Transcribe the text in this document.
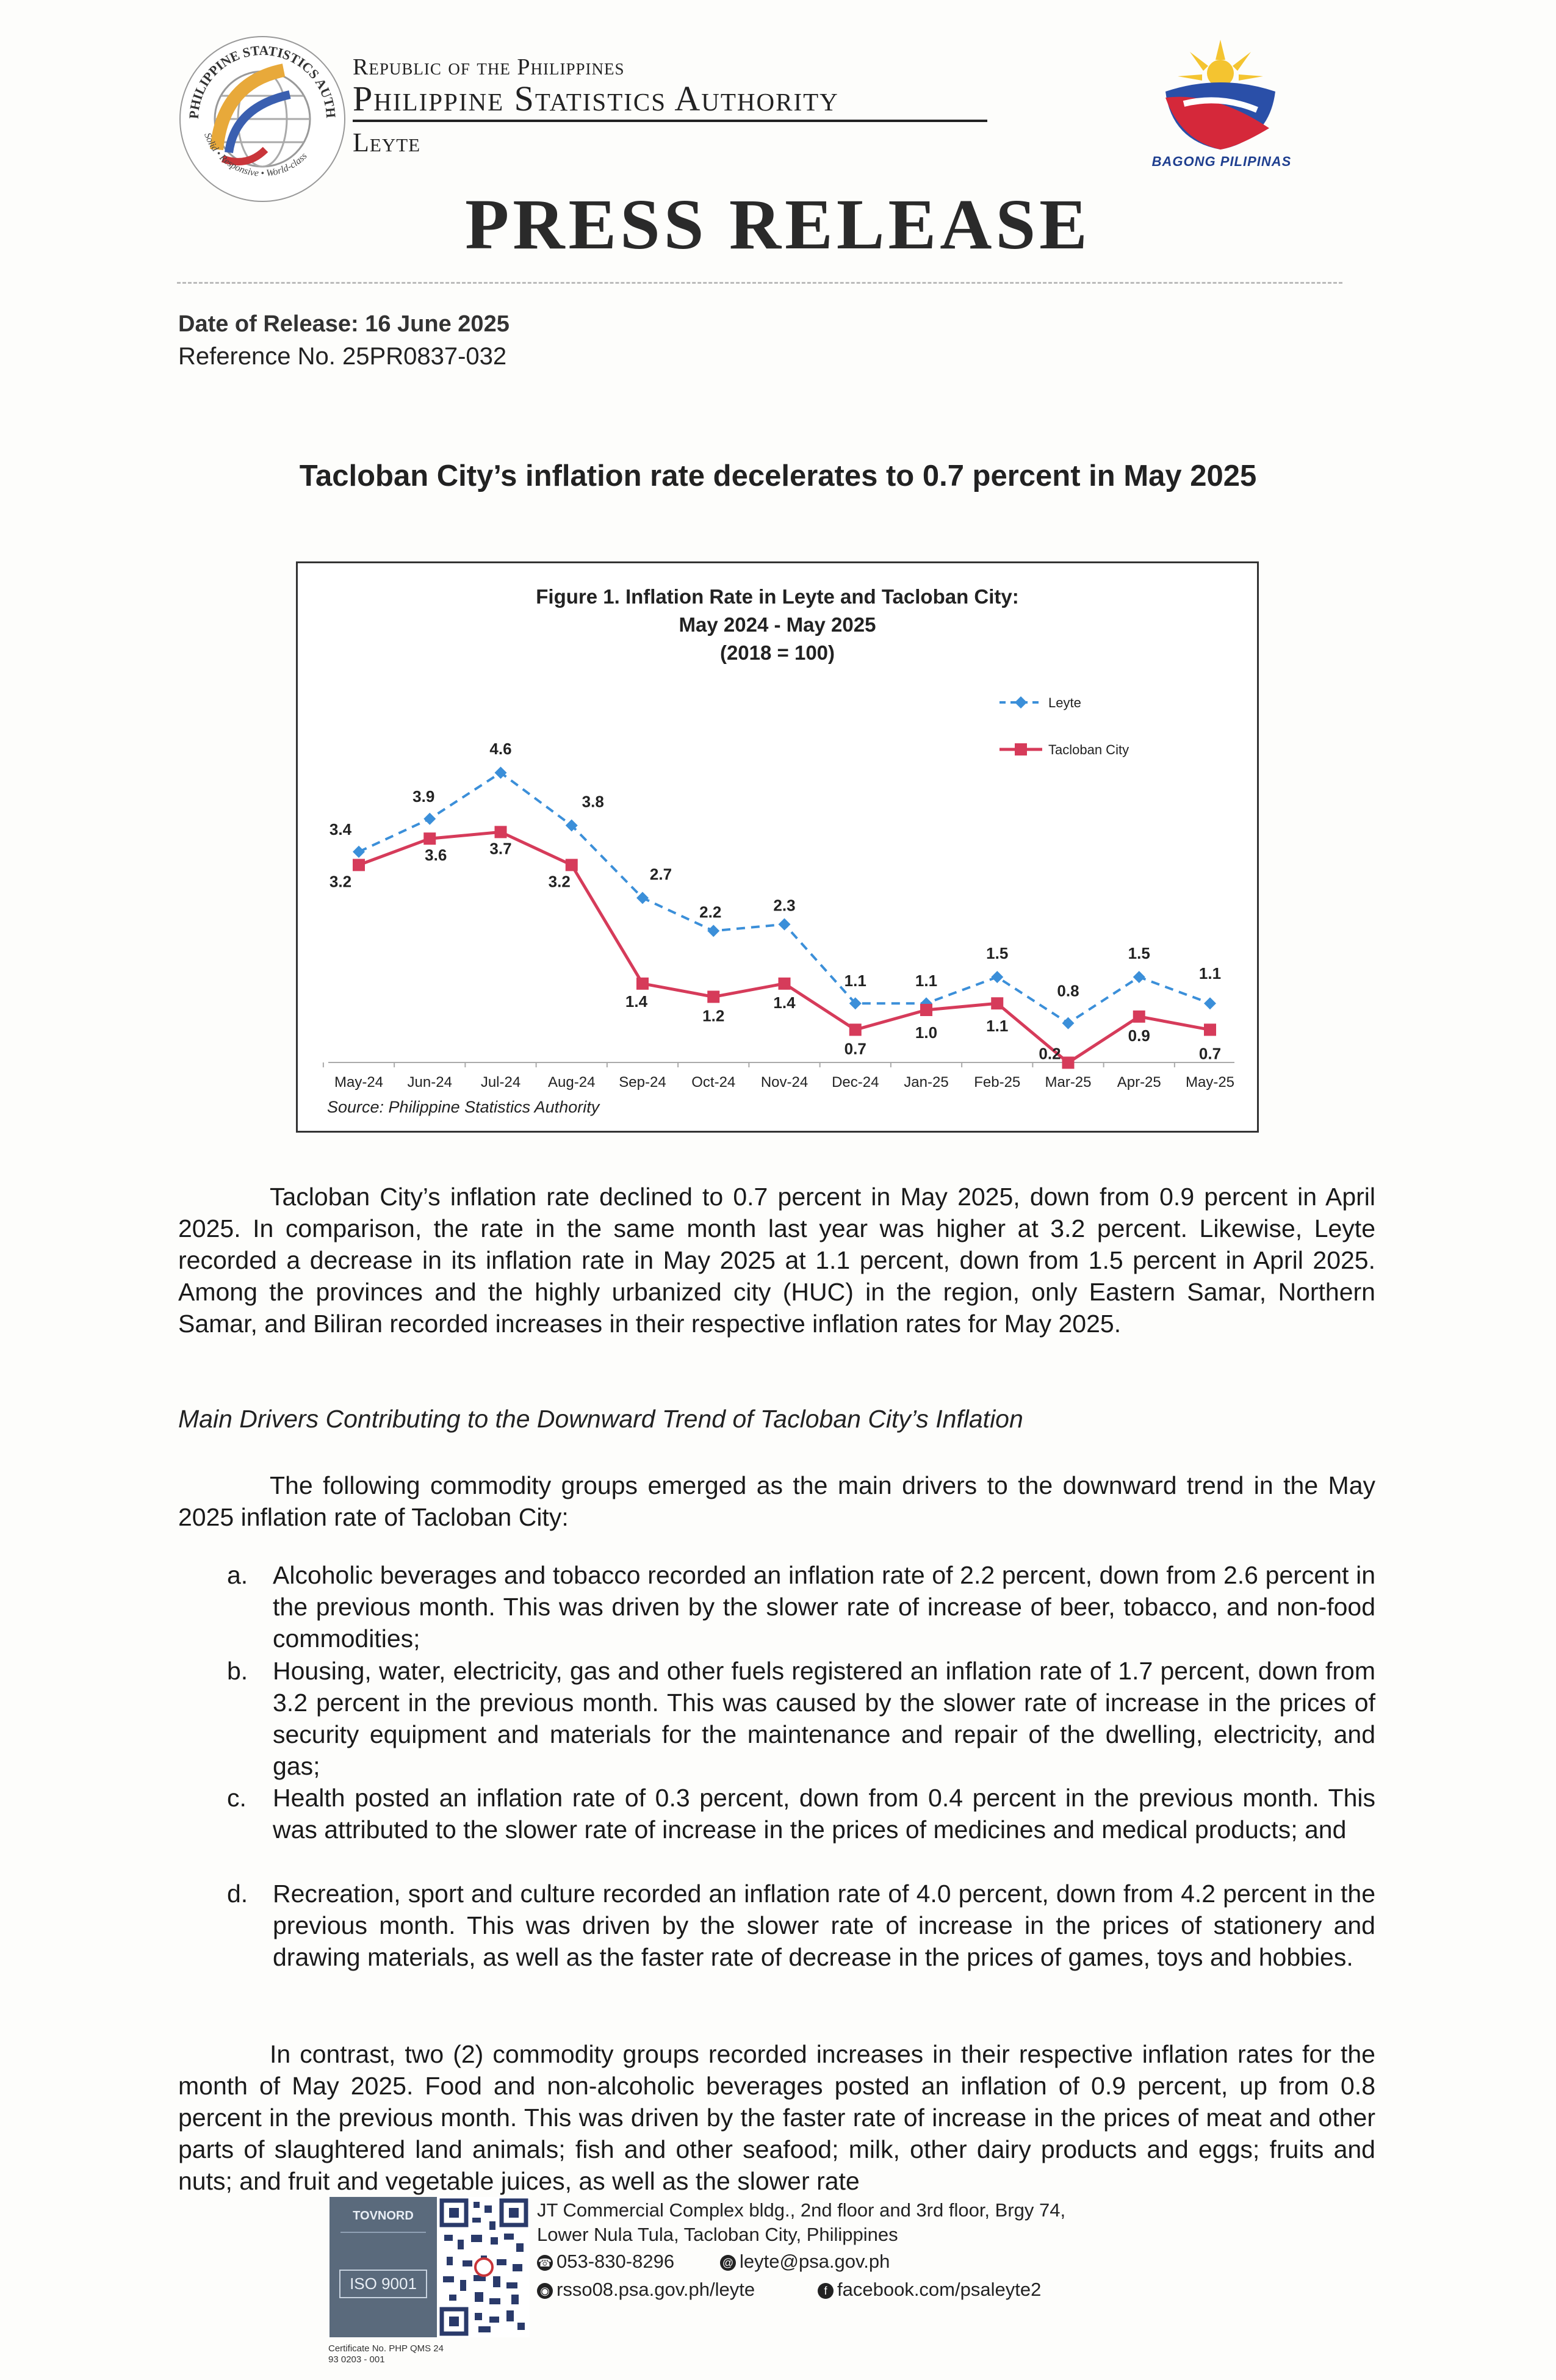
PHILIPPINE STATISTICS AUTH
Solid • Responsive • World-class
Republic of the Philippines
Philippine Statistics Authority
Leyte
BAGONG PILIPINAS
PRESS RELEASE
Date of Release: 16 June 2025
Reference No. 25PR0837-032
Tacloban City’s inflation rate decelerates to 0.7 percent in May 2025
Figure 1. Inflation Rate in Leyte and Tacloban City:
May 2024 - May 2025
(2018 = 100)
May-24 Jun-24 Jul-24 Aug-24 Sep-24 Oct-24 Nov-24 Dec-24 Jan-25 Feb-25 Mar-25 Apr-25 May-25
3.4
3.9
4.6
3.8
2.7
2.2	2.3
1.1	1.1
1.5
0.8
1.5
1.1
3.2
3.6	3.7
3.2
1.4
1.2
1.4
0.7
1.0	1.1
0.2
0.9
0.7
Leyte
Tacloban City
Source: Philippine Statistics Authority
Tacloban City’s inflation rate declined to 0.7 percent in May 2025, down from 0.9 percent in April 2025. In comparison, the rate in the same month last year was higher at 3.2 percent. Likewise, Leyte recorded a decrease in its inflation rate in May 2025 at 1.1 percent, down from 1.5 percent in April 2025. Among the provinces and the highly urbanized city (HUC) in the region, only Eastern Samar, Northern Samar, and Biliran recorded increases in their respective inflation rates for May 2025.
Main Drivers Contributing to the Downward Trend of Tacloban City’s Inflation
The following commodity groups emerged as the main drivers to the downward trend in the May 2025 inflation rate of Tacloban City:
a. Alcoholic beverages and tobacco recorded an inflation rate of 2.2 percent, down from 2.6 percent in the previous month. This was driven by the slower rate of increase of beer, tobacco, and non-food commodities;
b. Housing, water, electricity, gas and other fuels registered an inflation rate of 1.7 percent, down from 3.2 percent in the previous month. This was caused by the slower rate of increase in the prices of security equipment and materials for the maintenance and repair of the dwelling, electricity, and gas;
c. Health posted an inflation rate of 0.3 percent, down from 0.4 percent in the previous month. This was attributed to the slower rate of increase in the prices of medicines and medical products; and
d. Recreation, sport and culture recorded an inflation rate of 4.0 percent, down from 4.2 percent in the previous month. This was driven by the slower rate of increase in the prices of stationery and drawing materials, as well as the faster rate of decrease in the prices of games, toys and hobbies.
In contrast, two (2) commodity groups recorded increases in their respective inflation rates for the month of May 2025. Food and non-alcoholic beverages posted an inflation of 0.9 percent, up from 0.8 percent in the previous month. This was driven by the faster rate of increase in the prices of meat and other parts of slaughtered land animals; fish and other seafood; milk, other dairy products and eggs; fruits and nuts; and fruit and vegetable juices, as well as the slower rate
TOVNORD
ISO 9001
Certificate No. PHP QMS 24 93 0203 - 001
JT Commercial Complex bldg., 2nd floor and 3rd floor, Brgy 74,
Lower Nula Tula, Tacloban City, Philippines
☎ 053-830-8296	@ leyte@psa.gov.ph
◉ rsso08.psa.gov.ph/leyte	f facebook.com/psaleyte2
